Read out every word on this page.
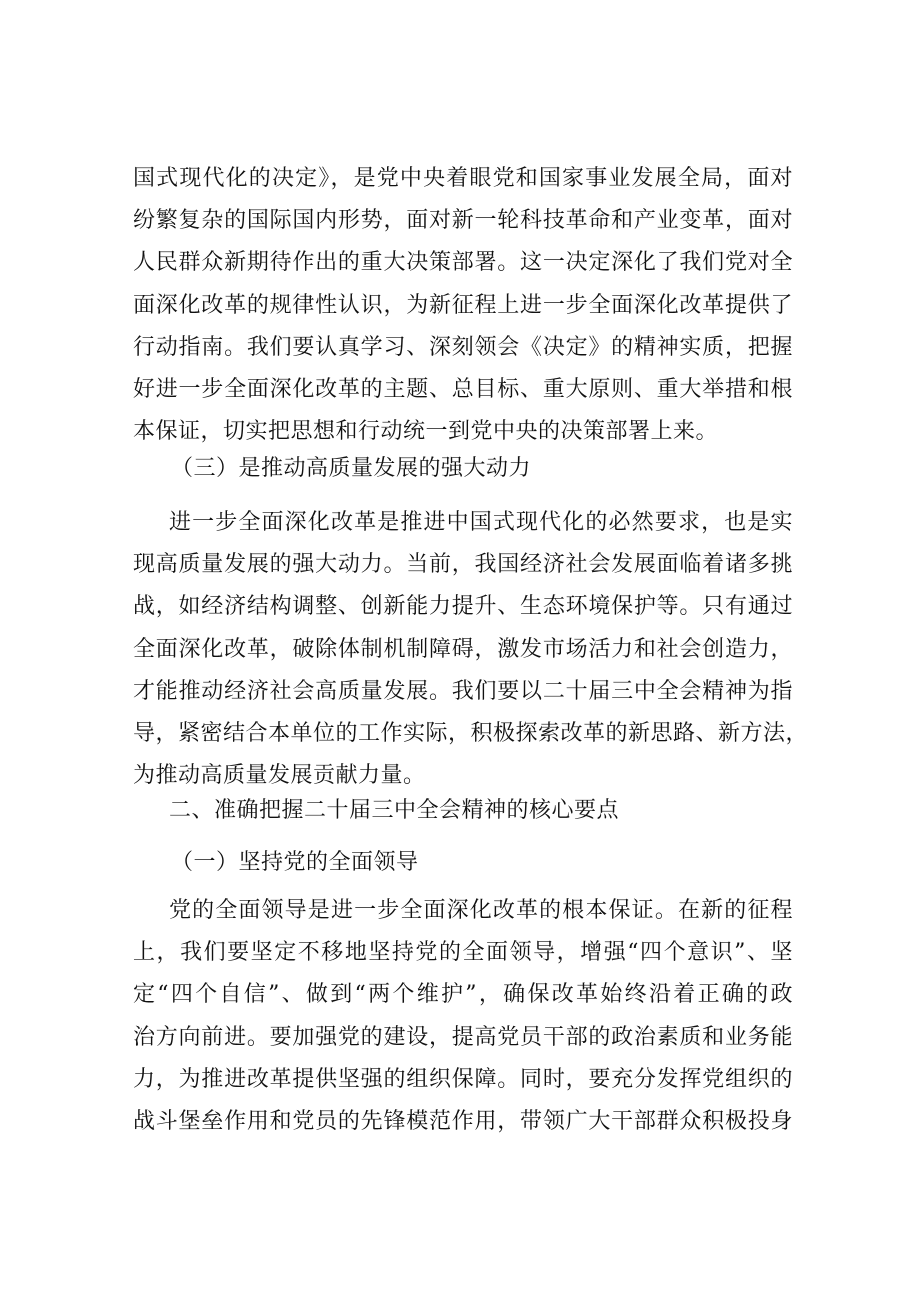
国式现代化的决定》，是党中央着眼党和国家事业发展全局，面对
纷繁复杂的国际国内形势，面对新一轮科技革命和产业变革，面对
人民群众新期待作出的重大决策部署。这一决定深化了我们党对全
面深化改革的规律性认识，为新征程上进一步全面深化改革提供了
行动指南。我们要认真学习、深刻领会《决定》的精神实质，把握
好进一步全面深化改革的主题、总目标、重大原则、重大举措和根
本保证，切实把思想和行动统一到党中央的决策部署上来。
（三）是推动高质量发展的强大动力
进一步全面深化改革是推进中国式现代化的必然要求，也是实
现高质量发展的强大动力。当前，我国经济社会发展面临着诸多挑
战，如经济结构调整、创新能力提升、生态环境保护等。只有通过
全面深化改革，破除体制机制障碍，激发市场活力和社会创造力，
才能推动经济社会高质量发展。我们要以二十届三中全会精神为指
导，紧密结合本单位的工作实际，积极探索改革的新思路、新方法，
为推动高质量发展贡献力量。
二、准确把握二十届三中全会精神的核心要点
（一）坚持党的全面领导
党的全面领导是进一步全面深化改革的根本保证。在新的征程
上，我们要坚定不移地坚持党的全面领导，增强“四个意识”、坚
定“四个自信”、做到“两个维护”，确保改革始终沿着正确的政
治方向前进。要加强党的建设，提高党员干部的政治素质和业务能
力，为推进改革提供坚强的组织保障。同时，要充分发挥党组织的
战斗堡垒作用和党员的先锋模范作用，带领广大干部群众积极投身
